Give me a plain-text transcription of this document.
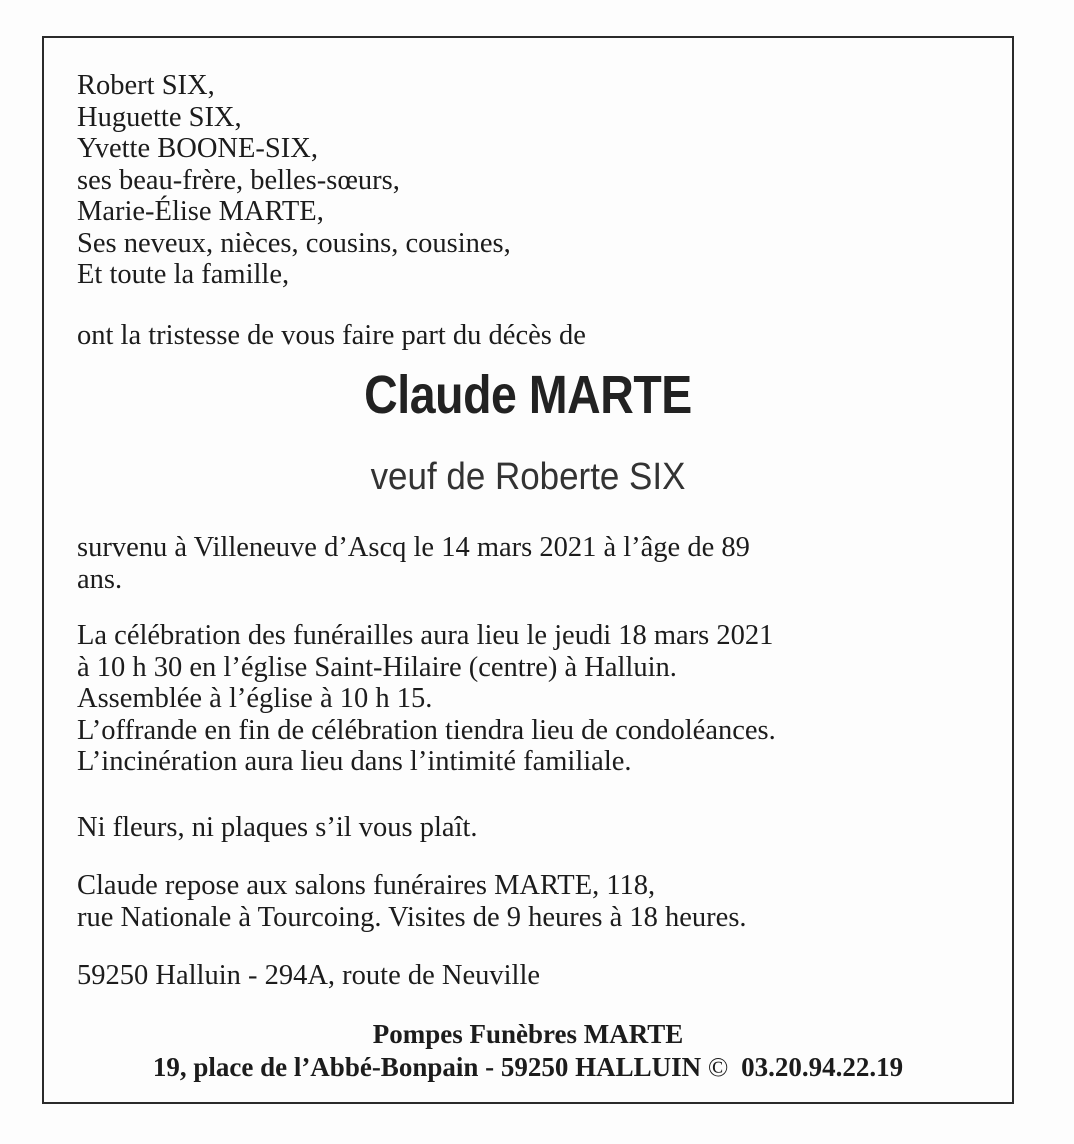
Robert SIX,
Huguette SIX,
Yvette BOONE-SIX,
ses beau-frère, belles-sœurs,
Marie-Élise MARTE,
Ses neveux, nièces, cousins, cousines,
Et toute la famille,
ont la tristesse de vous faire part du décès de
Claude MARTE
veuf de Roberte SIX
survenu à Villeneuve d’Ascq le 14 mars 2021 à l’âge de 89
ans.
La célébration des funérailles aura lieu le jeudi 18 mars 2021
à 10 h 30 en l’église Saint-Hilaire (centre) à Halluin.
Assemblée à l’église à 10 h 15.
L’offrande en fin de célébration tiendra lieu de condoléances.
L’incinération aura lieu dans l’intimité familiale.
Ni fleurs, ni plaques s’il vous plaît.
Claude repose aux salons funéraires MARTE, 118,
rue Nationale à Tourcoing. Visites de 9 heures à 18 heures.
59250 Halluin - 294A, route de Neuville
Pompes Funèbres MARTE
19, place de l’Abbé-Bonpain - 59250 HALLUIN © 03.20.94.22.19
